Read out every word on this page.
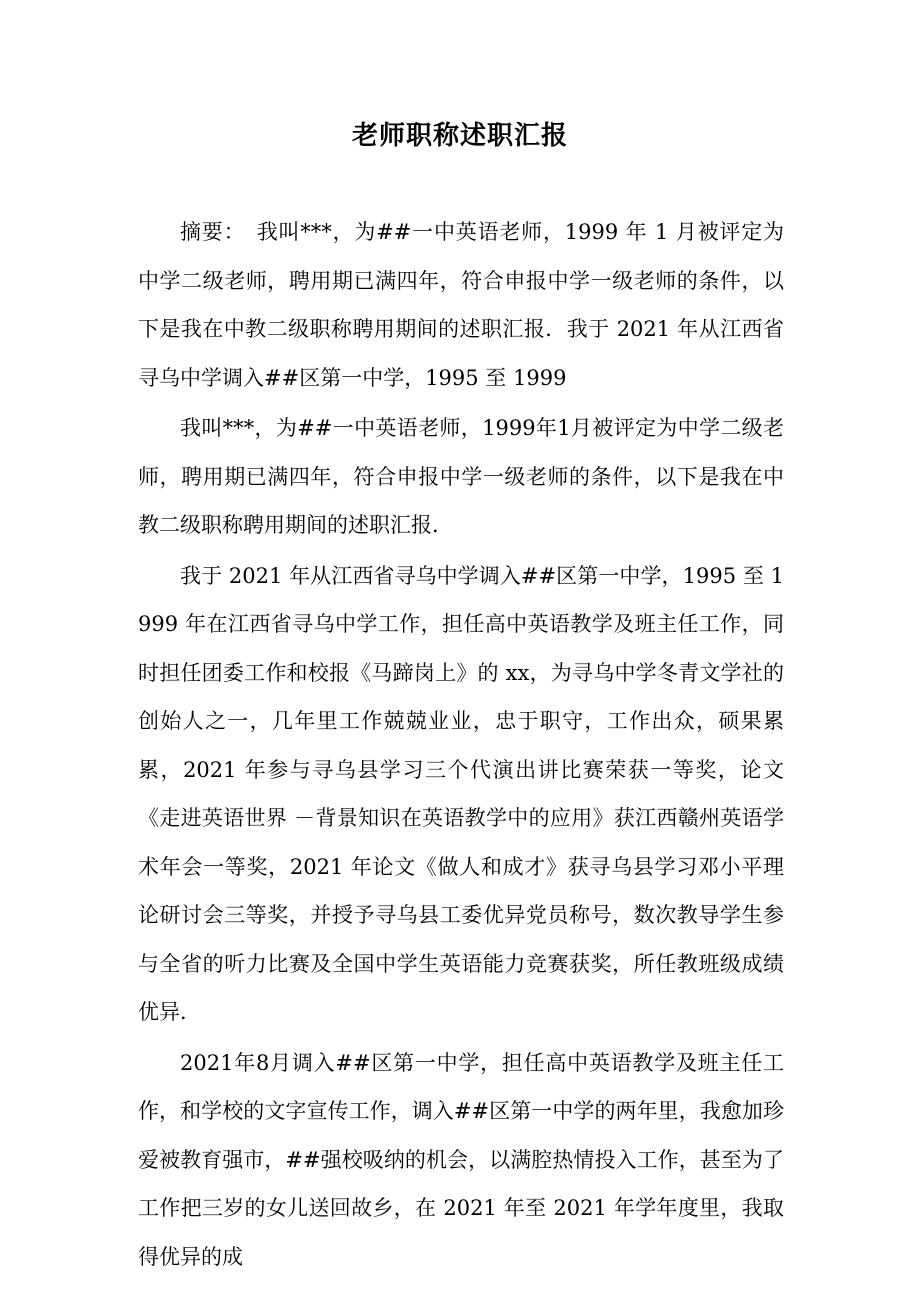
老师职称述职汇报

摘要：　我叫***，为##一中英语老师，1999 年 1 月被评定为中学二级老师，聘用期已满四年，符合申报中学一级老师的条件，以下是我在中教二级职称聘用期间的述职汇报．我于 2021 年从江西省寻乌中学调入##区第一中学，1995 至 1999

我叫***，为##一中英语老师，1999年1月被评定为中学二级老师，聘用期已满四年，符合申报中学一级老师的条件，以下是我在中教二级职称聘用期间的述职汇报．

我于 2021 年从江西省寻乌中学调入##区第一中学，1995 至 1999 年在江西省寻乌中学工作，担任高中英语教学及班主任工作，同时担任团委工作和校报《马蹄岗上》的 xx，为寻乌中学冬青文学社的创始人之一，几年里工作兢兢业业，忠于职守，工作出众，硕果累累，2021 年参与寻乌县学习三个代演出讲比赛荣获一等奖，论文《走进英语世界 －背景知识在英语教学中的应用》获江西赣州英语学术年会一等奖，2021 年论文《做人和成才》获寻乌县学习邓小平理论研讨会三等奖，并授予寻乌县工委优异党员称号，数次教导学生参与全省的听力比赛及全国中学生英语能力竞赛获奖，所任教班级成绩优异．

2021年8月调入##区第一中学，担任高中英语教学及班主任工作，和学校的文字宣传工作，调入##区第一中学的两年里，我愈加珍爱被教育强市，##强校吸纳的机会，以满腔热情投入工作，甚至为了工作把三岁的女儿送回故乡，在 2021 年至 2021 年学年度里，我取得优异的成
